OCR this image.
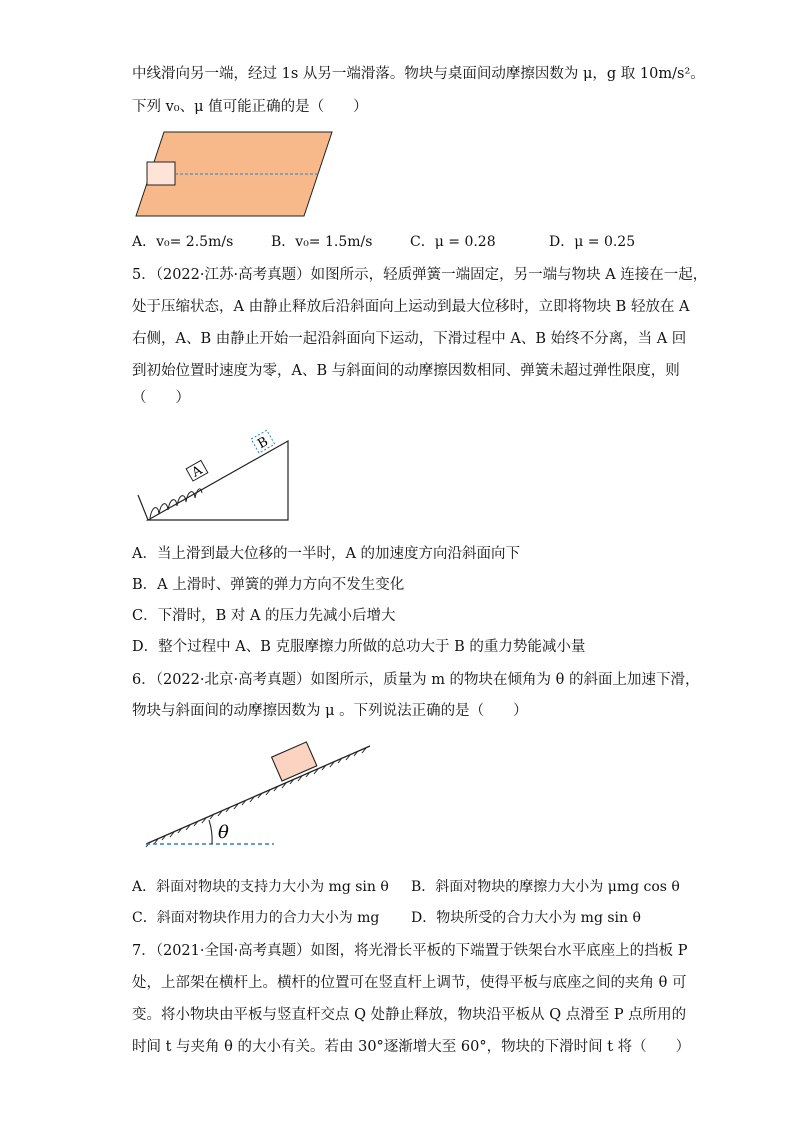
中线滑向另一端，经过 1s 从另一端滑落。物块与桌面间动摩擦因数为 μ，g 取 10m/s²。
下列 v₀、μ 值可能正确的是（　　）
A．v₀= 2.5m/s	B．v₀= 1.5m/s	C．μ = 0.28	D．μ = 0.25
5．（2022·江苏·高考真题）如图所示，轻质弹簧一端固定，另一端与物块 A 连接在一起，
处于压缩状态，A 由静止释放后沿斜面向上运动到最大位移时，立即将物块 B 轻放在 A
右侧，A、B 由静止开始一起沿斜面向下运动，下滑过程中 A、B 始终不分离，当 A 回
到初始位置时速度为零，A、B 与斜面间的动摩擦因数相同、弹簧未超过弹性限度，则
（　　）
A
B
A．当上滑到最大位移的一半时，A 的加速度方向沿斜面向下
B．A 上滑时、弹簧的弹力方向不发生变化
C．下滑时，B 对 A 的压力先减小后增大
D．整个过程中 A、B 克服摩擦力所做的总功大于 B 的重力势能减小量
6．（2022·北京·高考真题）如图所示，质量为 m 的物块在倾角为 θ 的斜面上加速下滑，
物块与斜面间的动摩擦因数为 μ 。下列说法正确的是（　　）
θ
A．斜面对物块的支持力大小为 mg sin θ B．斜面对物块的摩擦力大小为 μmg cos θ
C．斜面对物块作用力的合力大小为 mg D．物块所受的合力大小为 mg sin θ
7．（2021·全国·高考真题）如图，将光滑长平板的下端置于铁架台水平底座上的挡板 P
处，上部架在横杆上。横杆的位置可在竖直杆上调节，使得平板与底座之间的夹角 θ 可
变。将小物块由平板与竖直杆交点 Q 处静止释放，物块沿平板从 Q 点滑至 P 点所用的
时间 t 与夹角 θ 的大小有关。若由 30°逐渐增大至 60°，物块的下滑时间 t 将（　　）
